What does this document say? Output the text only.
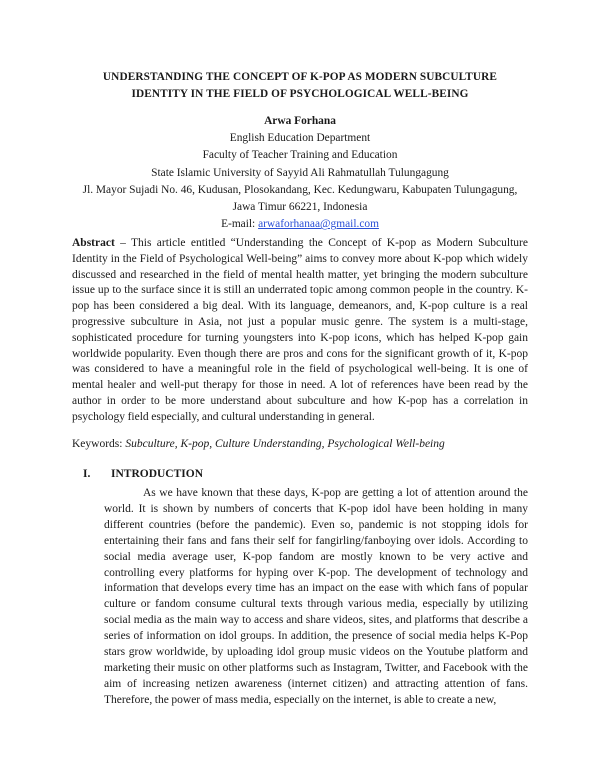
UNDERSTANDING THE CONCEPT OF K-POP AS MODERN SUBCULTURE
IDENTITY IN THE FIELD OF PSYCHOLOGICAL WELL-BEING
Arwa Forhana
English Education Department
Faculty of Teacher Training and Education
State Islamic University of Sayyid Ali Rahmatullah Tulungagung
Jl. Mayor Sujadi No. 46, Kudusan, Plosokandang, Kec. Kedungwaru, Kabupaten Tulungagung,
Jawa Timur 66221, Indonesia
E-mail: arwaforhanaa@gmail.com

Abstract – This article entitled “Understanding the Concept of K-pop as Modern Subculture Identity in the Field of Psychological Well-being” aims to convey more about K-pop which widely discussed and researched in the field of mental health matter, yet bringing the modern subculture issue up to the surface since it is still an underrated topic among common people in the country. K-pop has been considered a big deal. With its language, demeanors, and, K-pop culture is a real progressive subculture in Asia, not just a popular music genre. The system is a multi-stage, sophisticated procedure for turning youngsters into K-pop icons, which has helped K-pop gain worldwide popularity. Even though there are pros and cons for the significant growth of it, K-pop was considered to have a meaningful role in the field of psychological well-being. It is one of mental healer and well-put therapy for those in need. A lot of references have been read by the author in order to be more understand about subculture and how K-pop has a correlation in psychology field especially, and cultural understanding in general.

Keywords: Subculture, K-pop, Culture Understanding, Psychological Well-being

I. INTRODUCTION

As we have known that these days, K-pop are getting a lot of attention around the world. It is shown by numbers of concerts that K-pop idol have been holding in many different countries (before the pandemic). Even so, pandemic is not stopping idols for entertaining their fans and fans their self for fangirling/fanboying over idols. According to social media average user, K-pop fandom are mostly known to be very active and controlling every platforms for hyping over K-pop. The development of technology and information that develops every time has an impact on the ease with which fans of popular culture or fandom consume cultural texts through various media, especially by utilizing social media as the main way to access and share videos, sites, and platforms that describe a series of information on idol groups. In addition, the presence of social media helps K-Pop stars grow worldwide, by uploading idol group music videos on the Youtube platform and marketing their music on other platforms such as Instagram, Twitter, and Facebook with the aim of increasing netizen awareness (internet citizen) and attracting attention of fans. Therefore, the power of mass media, especially on the internet, is able to create a new,
